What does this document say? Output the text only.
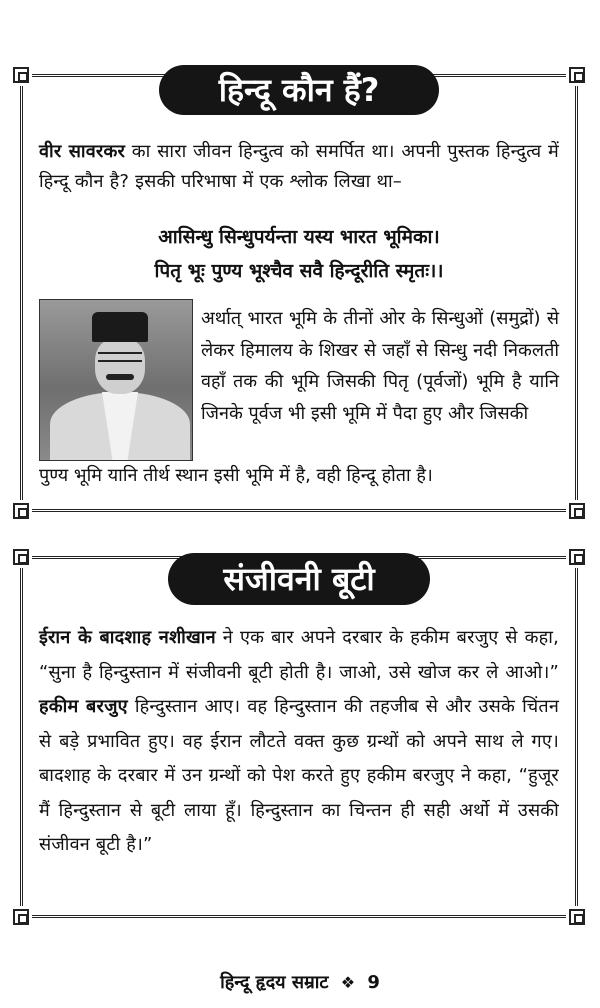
हिन्दू कौन हैं?
वीर सावरकर का सारा जीवन हिन्दुत्व को समर्पित था। अपनी पुस्तक हिन्दुत्व में हिन्दू कौन है? इसकी परिभाषा में एक श्लोक लिखा था–
आसिन्धु सिन्धुपर्यन्ता यस्य भारत भूमिका।
पितृ भूः पुण्य भूश्चैव सवै हिन्दूरीति स्मृतः।।
अर्थात् भारत भूमि के तीनों ओर के सिन्धुओं (समुद्रों) से लेकर हिमालय के शिखर से जहाँ से सिन्धु नदी निकलती वहाँ तक की भूमि जिसकी पितृ (पूर्वजों) भूमि है यानि जिनके पूर्वज भी इसी भूमि में पैदा हुए और जिसकी
पुण्य भूमि यानि तीर्थ स्थान इसी भूमि में है, वही हिन्दू होता है।
संजीवनी बूटी
ईरान के बादशाह नशीखान ने एक बार अपने दरबार के हकीम बरजुए से कहा, “सुना है हिन्दुस्तान में संजीवनी बूटी होती है। जाओ, उसे खोज कर ले आओ।” हकीम बरजुए हिन्दुस्तान आए। वह हिन्दुस्तान की तहजीब से और उसके चिंतन से बड़े प्रभावित हुए। वह ईरान लौटते वक्त कुछ ग्रन्थों को अपने साथ ले गए। बादशाह के दरबार में उन ग्रन्थों को पेश करते हुए हकीम बरजुए ने कहा, “हुजूर मैं हिन्दुस्तान से बूटी लाया हूँ। हिन्दुस्तान का चिन्तन ही सही अर्थो में उसकी संजीवन बूटी है।”
हिन्दू हृदय सम्राट ❖ 9
